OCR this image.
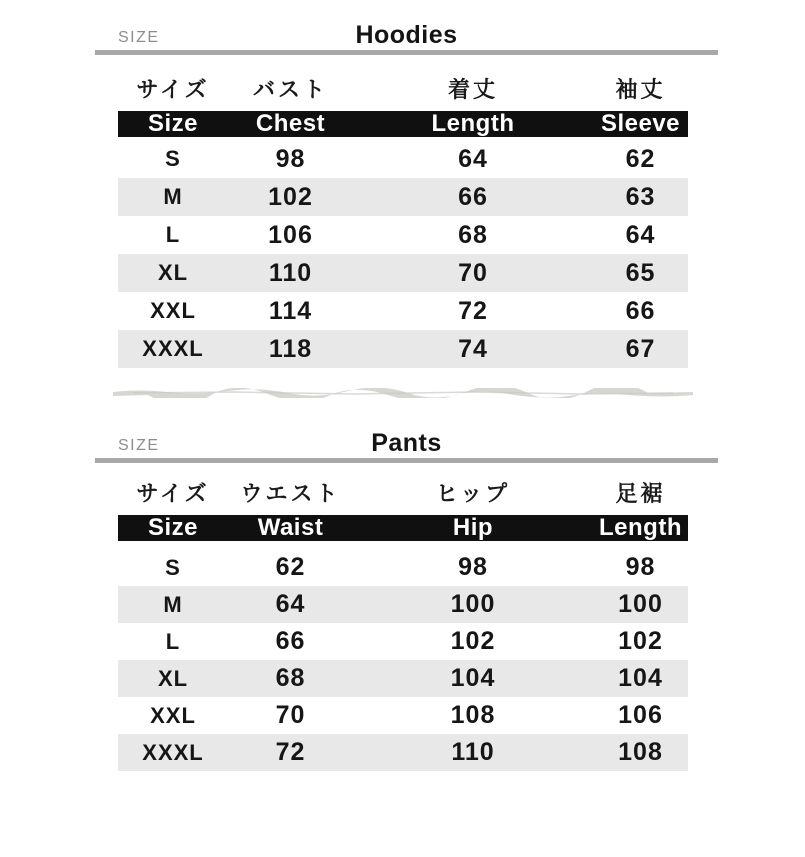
SIZE	Hoodies
サイズ	バスト	着丈	袖丈
Size	Chest	Length	Sleeve
S	98	64	62
M	102	66	63
L	106	68	64
XL	110	70	65
XXL	114	72	66
XXXL	118	74	67
SIZE	Pants
サイズ	ウエスト	ヒップ	足裾
Size	Waist	Hip	Length
S	62	98	98
M	64	100	100
L	66	102	102
XL	68	104	104
XXL	70	108	106
XXXL	72	110	108
